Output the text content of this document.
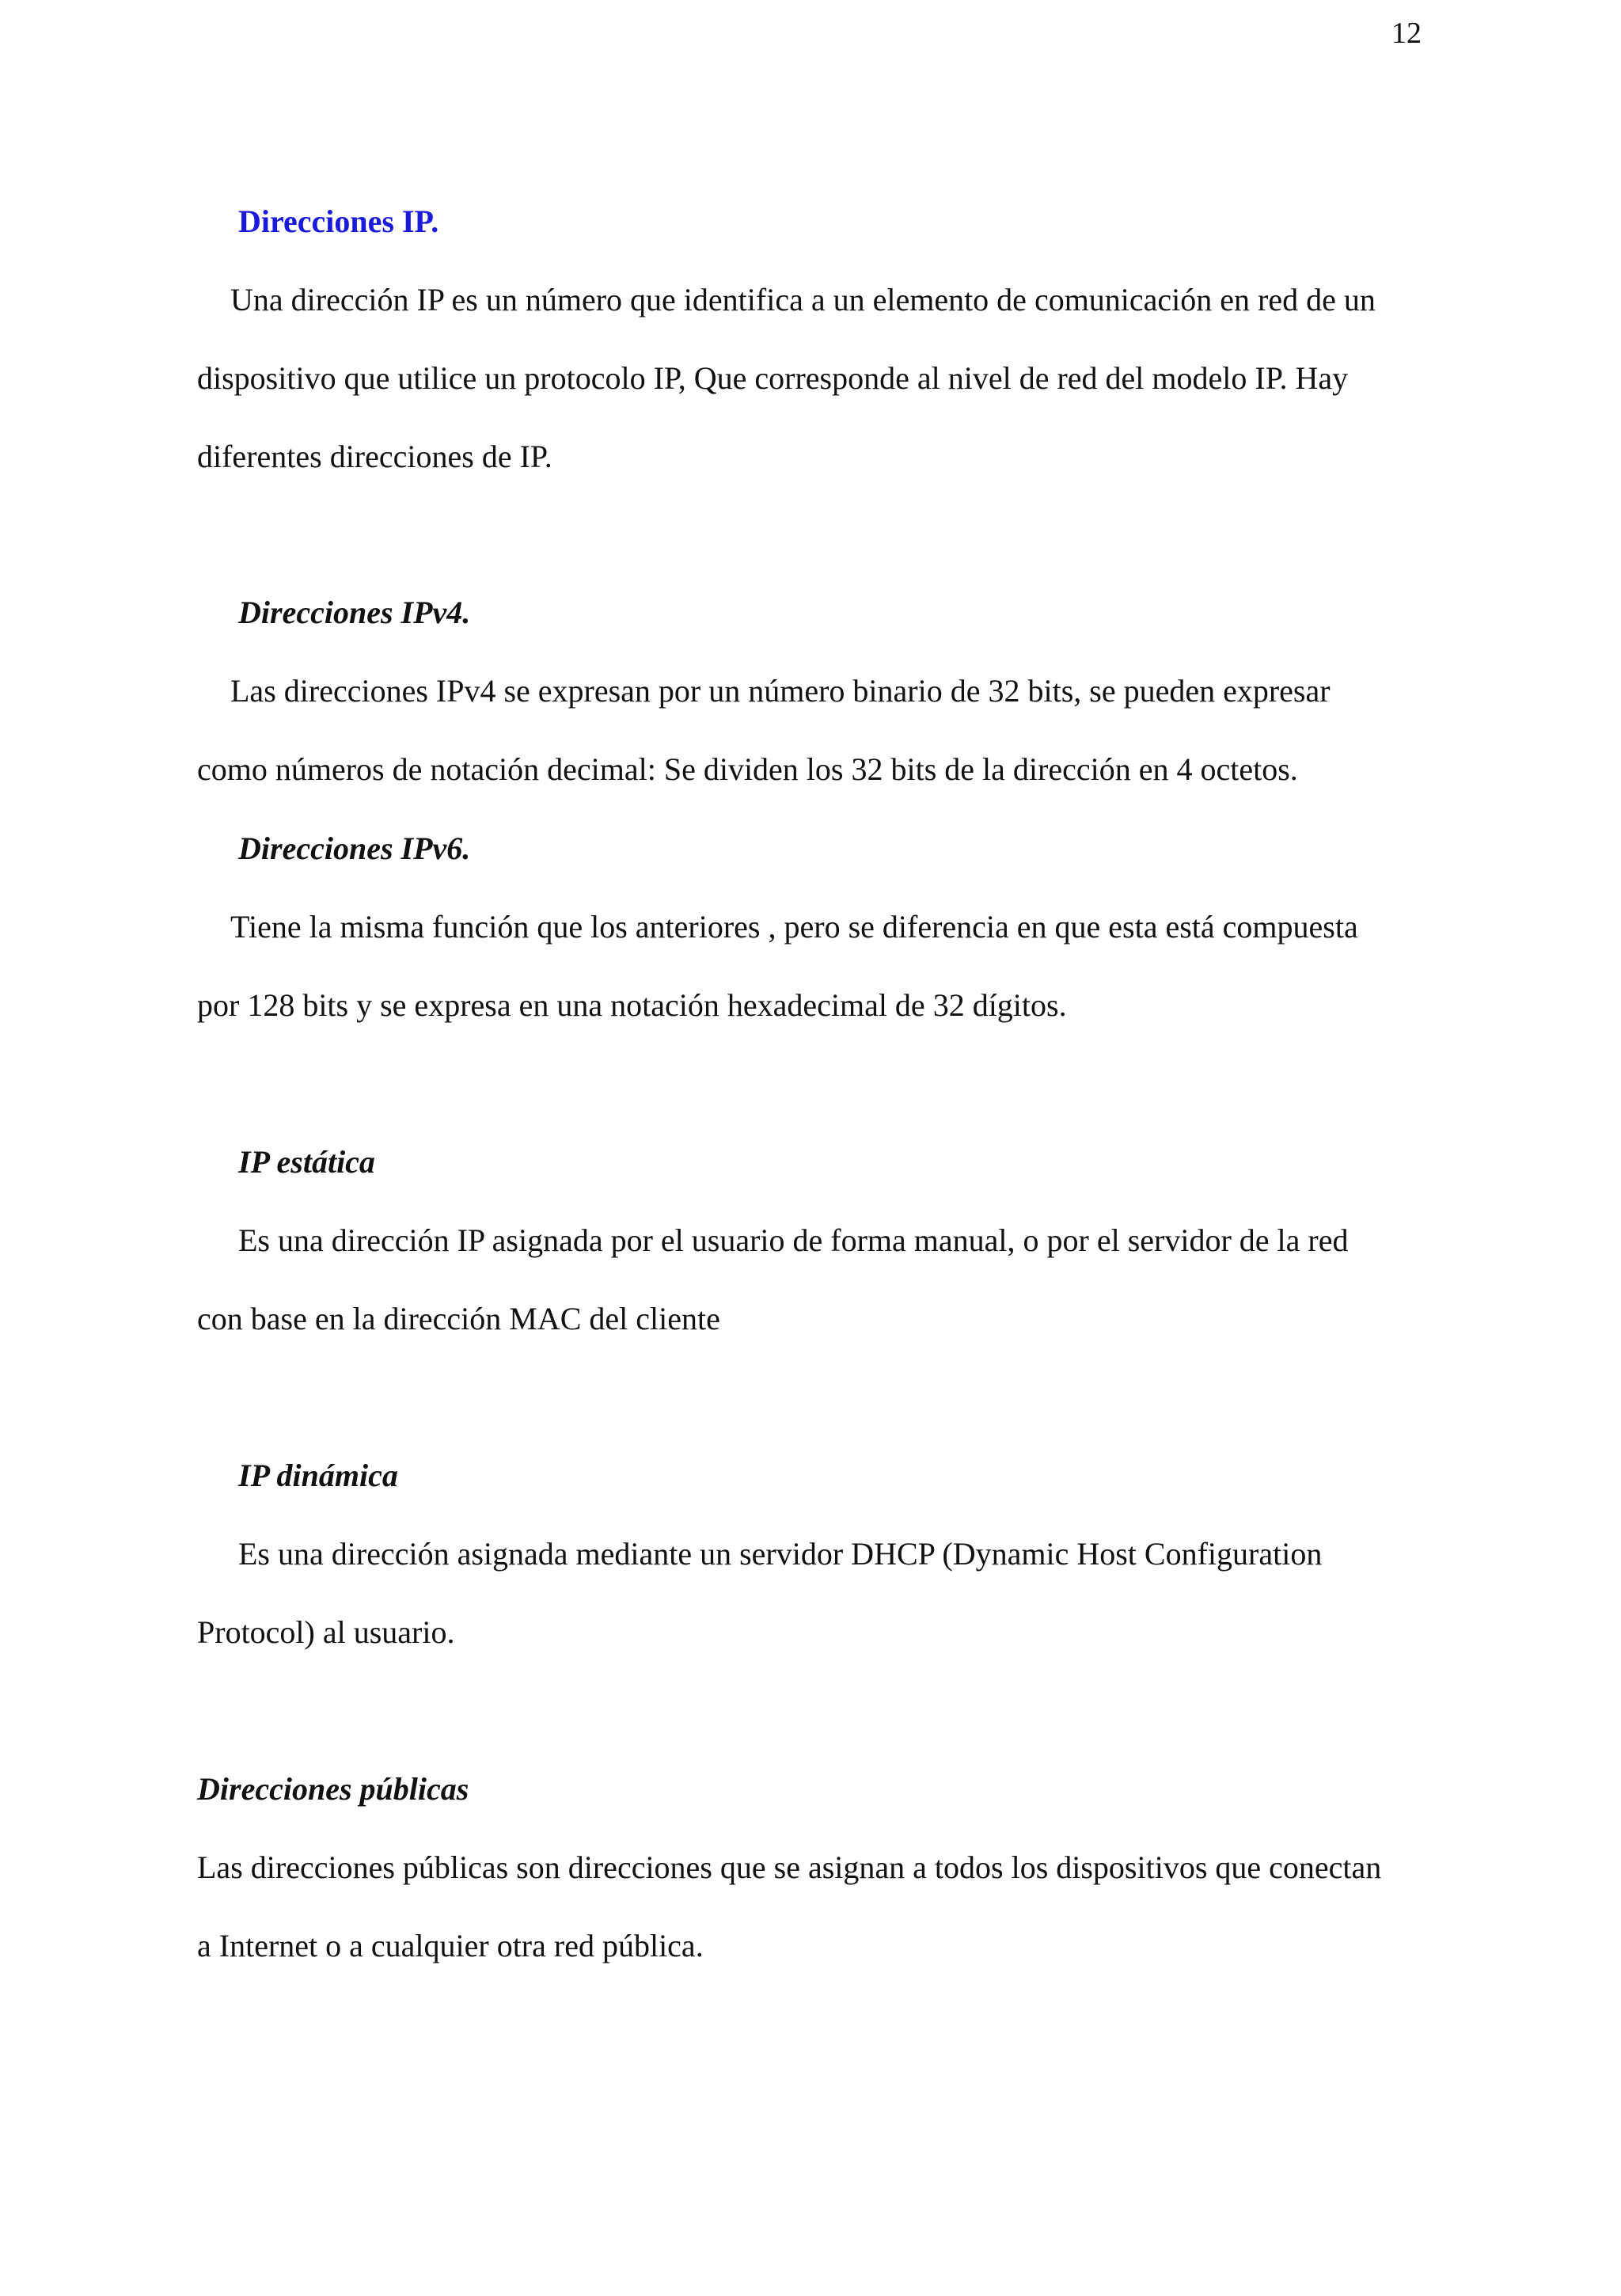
12
Direcciones IP.
Una dirección IP es un número que identifica a un elemento de comunicación en red de un
dispositivo que utilice un protocolo IP, Que corresponde al nivel de red del modelo IP. Hay
diferentes direcciones de IP.
Direcciones IPv4.
Las direcciones IPv4 se expresan por un número binario de 32 bits, se pueden expresar
como números de notación decimal: Se dividen los 32 bits de la dirección en 4 octetos.
Direcciones IPv6.
Tiene la misma función que los anteriores , pero se diferencia en que esta está compuesta
por 128 bits y se expresa en una notación hexadecimal de 32 dígitos.
IP estática
Es una dirección IP asignada por el usuario de forma manual, o por el servidor de la red
con base en la dirección MAC del cliente
IP dinámica
Es una dirección asignada mediante un servidor DHCP (Dynamic Host Configuration
Protocol) al usuario.
Direcciones públicas
Las direcciones públicas son direcciones que se asignan a todos los dispositivos que conectan
a Internet o a cualquier otra red pública.
